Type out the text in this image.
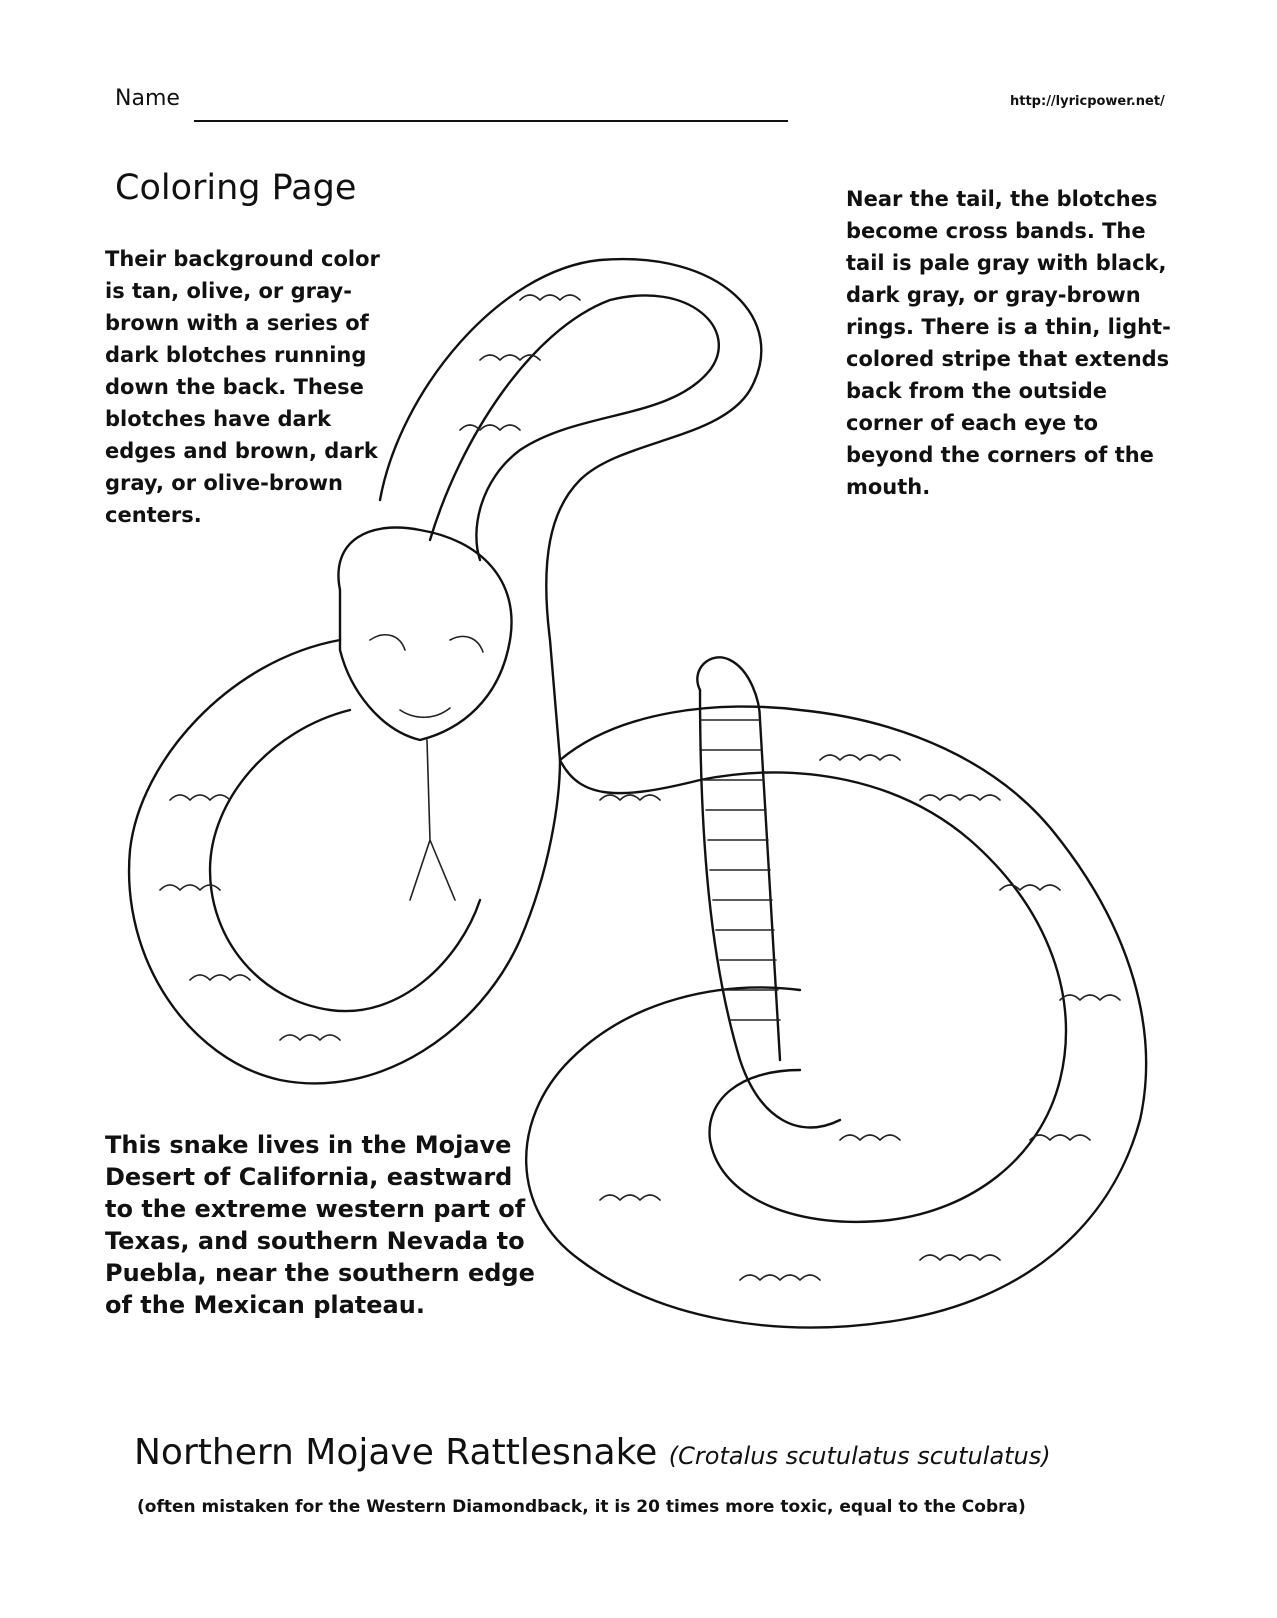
Name	http://lyricpower.net/
Coloring Page
Their background color is tan, olive, or gray-brown with a series of dark blotches running down the back. These blotches have dark edges and brown, dark gray, or olive-brown centers.
Near the tail, the blotches become cross bands. The tail is pale gray with black, dark gray, or gray-brown rings. There is a thin, light-colored stripe that extends back from the outside corner of each eye to beyond the corners of the mouth.
This snake lives in the Mojave Desert of California, eastward to the extreme western part of Texas, and southern Nevada to Puebla, near the southern edge of the Mexican plateau.
Northern Mojave Rattlesnake (Crotalus scutulatus scutulatus)
(often mistaken for the Western Diamondback, it is 20 times more toxic, equal to the Cobra)
